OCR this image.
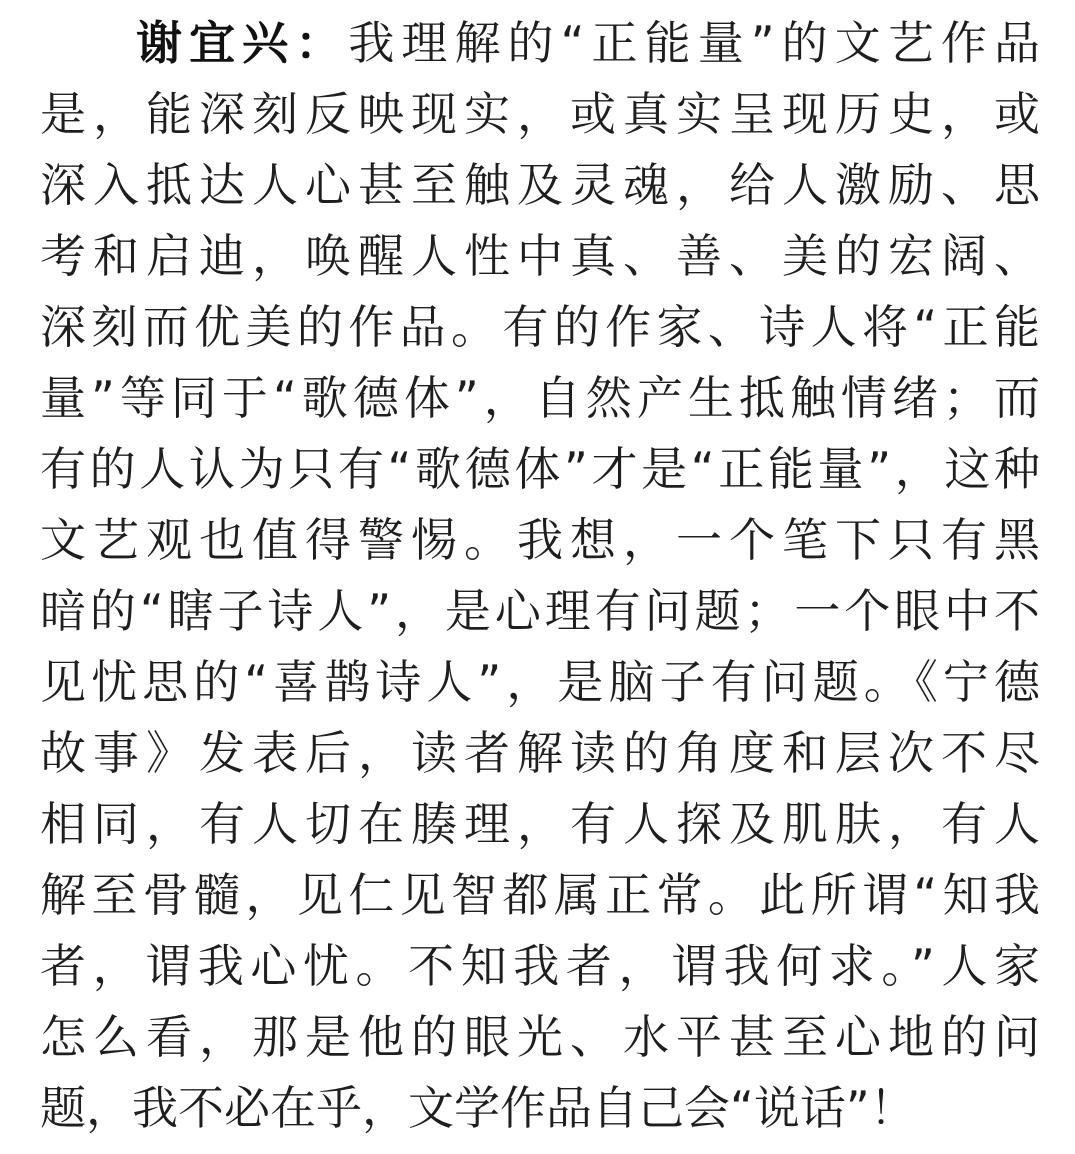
谢宜兴：我理解的“正能量”的文艺作品
是，能深刻反映现实，或真实呈现历史，或
深入抵达人心甚至触及灵魂，给人激励、思
考和启迪，唤醒人性中真、善、美的宏阔、
深刻而优美的作品。有的作家、诗人将“正能
量”等同于“歌德体”，自然产生抵触情绪；而
有的人认为只有“歌德体”才是“正能量”，这种
文艺观也值得警惕。我想，一个笔下只有黑
暗的“瞎子诗人”，是心理有问题；一个眼中不
见忧思的“喜鹊诗人”，是脑子有问题。《宁德
故事》发表后，读者解读的角度和层次不尽
相同，有人切在腠理，有人探及肌肤，有人
解至骨髓，见仁见智都属正常。此所谓“知我
者，谓我心忧。不知我者，谓我何求。”人家
怎么看，那是他的眼光、水平甚至心地的问
题，我不必在乎，文学作品自己会“说话”！
